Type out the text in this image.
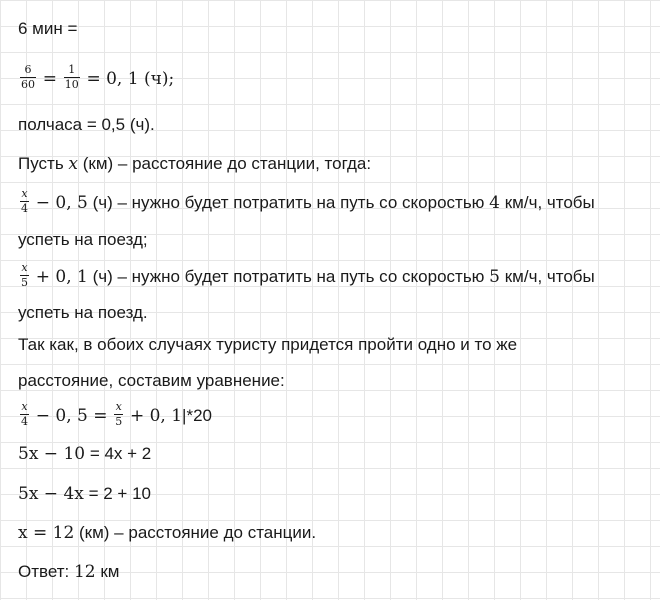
6 мин =
$\frac{6}{60} = \frac{1}{10} = 0$, 1 (ч);
полчаса = 0,5 (ч).
Пусть x (км) – расстояние до станции, тогда:
$\frac{x}{4} - 0$, 5 (ч) – нужно будет потратить на путь со скоростью 4 км/ч, чтобы
успеть на поезд;
$\frac{x}{5} + 0$, 1 (ч) – нужно будет потратить на путь со скоростью 5 км/ч, чтобы
успеть на поезд.
Так как, в обоих случаях туристу придется пройти одно и то же
расстояние, составим уравнение:
$\frac{x}{4} - 0$, $5 = \frac{x}{5} + 0$, 1|*20
5x − 10 = 4x + 2
5x − 4x = 2 + 10
x = 12 (км) – расстояние до станции.
Ответ: 12 км
